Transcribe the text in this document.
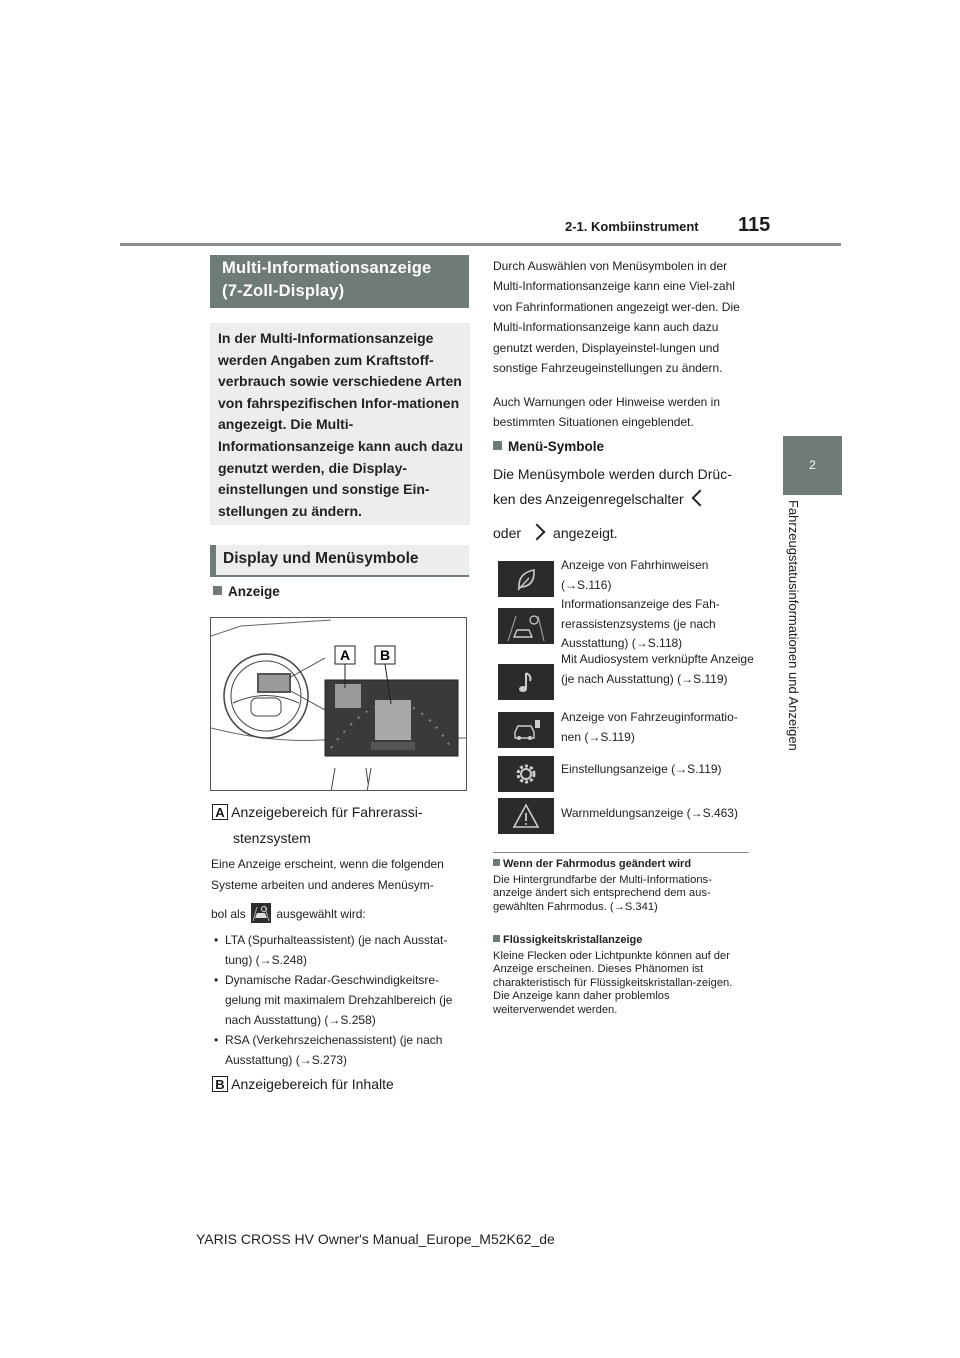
2-1. Kombiinstrument 115
2
Fahrzeugstatusinformationen und Anzeigen
Multi-Informationsanzeige
(7-Zoll-Display)
In der Multi-Informationsanzeige werden Angaben zum Kraftstoff-verbrauch sowie verschiedene Arten von fahrspezifischen Infor-mationen angezeigt. Die Multi-Informationsanzeige kann auch dazu genutzt werden, die Display-einstellungen und sonstige Ein-stellungen zu ändern.
Display und Menüsymbole
Anzeige
A B
A Anzeigebereich für Fahrerassi-
stenzsystem
Eine Anzeige erscheint, wenn die folgenden Systeme arbeiten und anderes Menüsym-
bol als	ausgewählt wird:
• LTA (Spurhalteassistent) (je nach Ausstat-tung) (→S.248)
• Dynamische Radar-Geschwindigkeitsre-gelung mit maximalem Drehzahlbereich (je nach Ausstattung) (→S.258)
• RSA (Verkehrszeichenassistent) (je nach Ausstattung) (→S.273)
B Anzeigebereich für Inhalte
Durch Auswählen von Menüsymbolen in der Multi-Informationsanzeige kann eine Viel-zahl von Fahrinformationen angezeigt wer-den. Die Multi-Informationsanzeige kann auch dazu genutzt werden, Displayeinstel-lungen und sonstige Fahrzeugeinstellungen zu ändern.
Auch Warnungen oder Hinweise werden in bestimmten Situationen eingeblendet.
Menü-Symbole
Die Menüsymbole werden durch Drüc-
ken des Anzeigenregelschalter
oder angezeigt.
Anzeige von Fahrhinweisen (→S.116)
Informationsanzeige des Fah-rerassistenzsystems (je nach Ausstattung) (→S.118)
Mit Audiosystem verknüpfte Anzeige (je nach Ausstattung) (→S.119)
Anzeige von Fahrzeuginformatio-nen (→S.119)
Einstellungsanzeige (→S.119)
Warnmeldungsanzeige (→S.463)
Wenn der Fahrmodus geändert wird
Die Hintergrundfarbe der Multi-Informations-anzeige ändert sich entsprechend dem aus-gewählten Fahrmodus. (→S.341)
Flüssigkeitskristallanzeige
Kleine Flecken oder Lichtpunkte können auf der Anzeige erscheinen. Dieses Phänomen ist charakteristisch für Flüssigkeitskristallan-zeigen. Die Anzeige kann daher problemlos weiterverwendet werden.
YARIS CROSS HV Owner's Manual_Europe_M52K62_de
